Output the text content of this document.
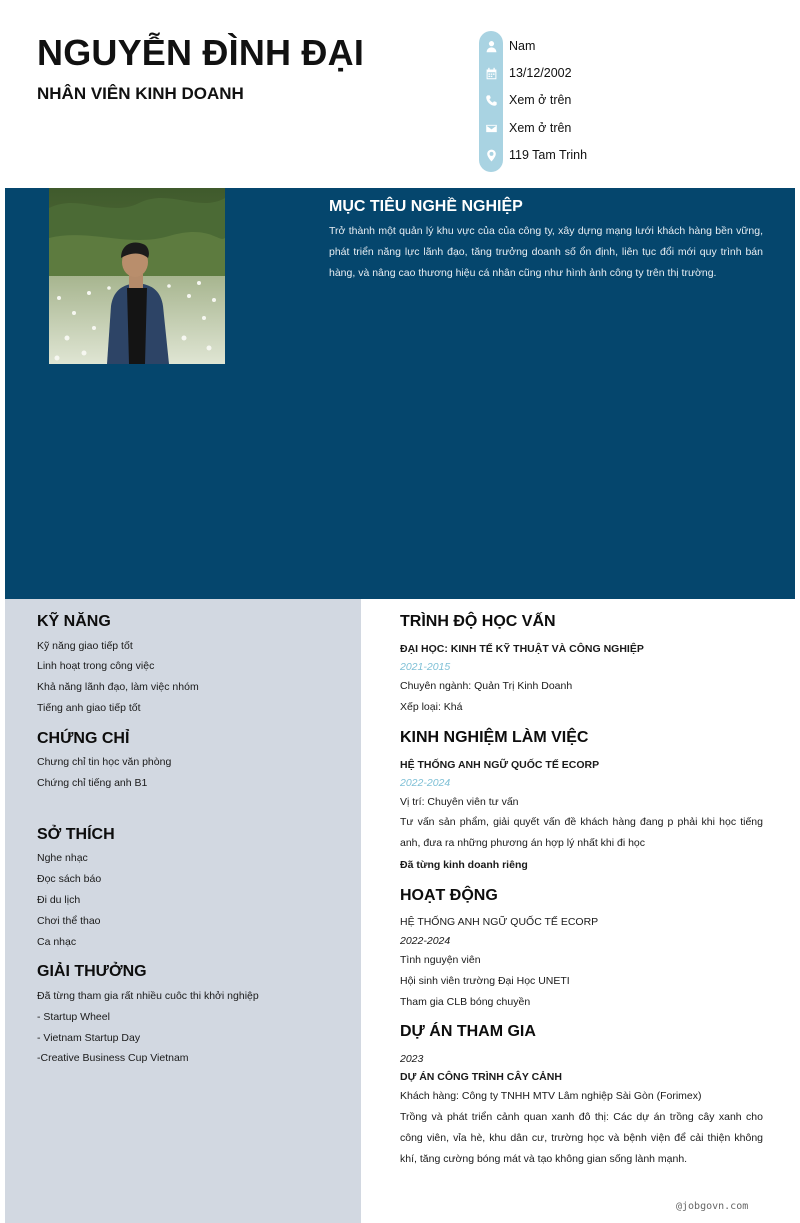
NGUYỄN ĐÌNH ĐẠI
NHÂN VIÊN KINH DOANH
Nam
13/12/2002
Xem ở trên
Xem ở trên
119 Tam Trinh
MỤC TIÊU NGHỀ NGHIỆP
Trở thành một quản lý khu vực của của công ty, xây dựng mạng lưới khách hàng bền vững, phát triển năng lực lãnh đạo, tăng trưởng doanh số ổn định, liên tục đổi mới quy trình bán hàng, và nâng cao thương hiệu cá nhân cũng như hình ảnh công ty trên thị trường.
KỸ NĂNG
Kỹ năng giao tiếp tốt
Linh hoạt trong công việc
Khả năng lãnh đạo, làm việc nhóm
Tiếng anh giao tiếp tốt
CHỨNG CHỈ
Chưng chỉ tin học văn phòng
Chứng chỉ tiếng anh B1
SỞ THÍCH
Nghe nhạc
Đọc sách báo
Đi du lịch
Chơi thể thao
Ca nhạc
GIẢI THƯỞNG
Đã từng tham gia rất nhiều cuôc thi khởi nghiệp
- Startup Wheel
- Vietnam Startup Day
-Creative Business Cup Vietnam
TRÌNH ĐỘ HỌC VẤN
ĐẠI HỌC: KINH TẾ KỸ THUẬT VÀ CÔNG NGHIỆP
2021-2015
Chuyên ngành: Quản Trị Kinh Doanh
Xếp loại: Khá
KINH NGHIỆM LÀM VIỆC
HỆ THỐNG ANH NGỮ QUỐC TẾ ECORP
2022-2024
Vị trí: Chuyên viên tư vấn
Tư vấn sản phẩm, giải quyết vấn đề khách hàng đang p phải khi học tiếng anh, đưa ra những phương án hợp lý nhất khi đi học
Đã từng kinh doanh riêng
HOẠT ĐỘNG
HỆ THỐNG ANH NGỮ QUỐC TẾ ECORP
2022-2024
Tình nguyện viên
Hội sinh viên trường Đại Học UNETI
Tham gia CLB bóng chuyền
DỰ ÁN THAM GIA
2023
DỰ ÁN CÔNG TRÌNH CÂY CẢNH
Khách hàng: Công ty TNHH MTV Lâm nghiệp Sài Gòn (Forimex)
Trồng và phát triển cảnh quan xanh đô thị: Các dự án trồng cây xanh cho công viên, vỉa hè, khu dân cư, trường học và bệnh viện để cải thiện không khí, tăng cường bóng mát và tạo không gian sống lành mạnh.
@jobgovn.com
